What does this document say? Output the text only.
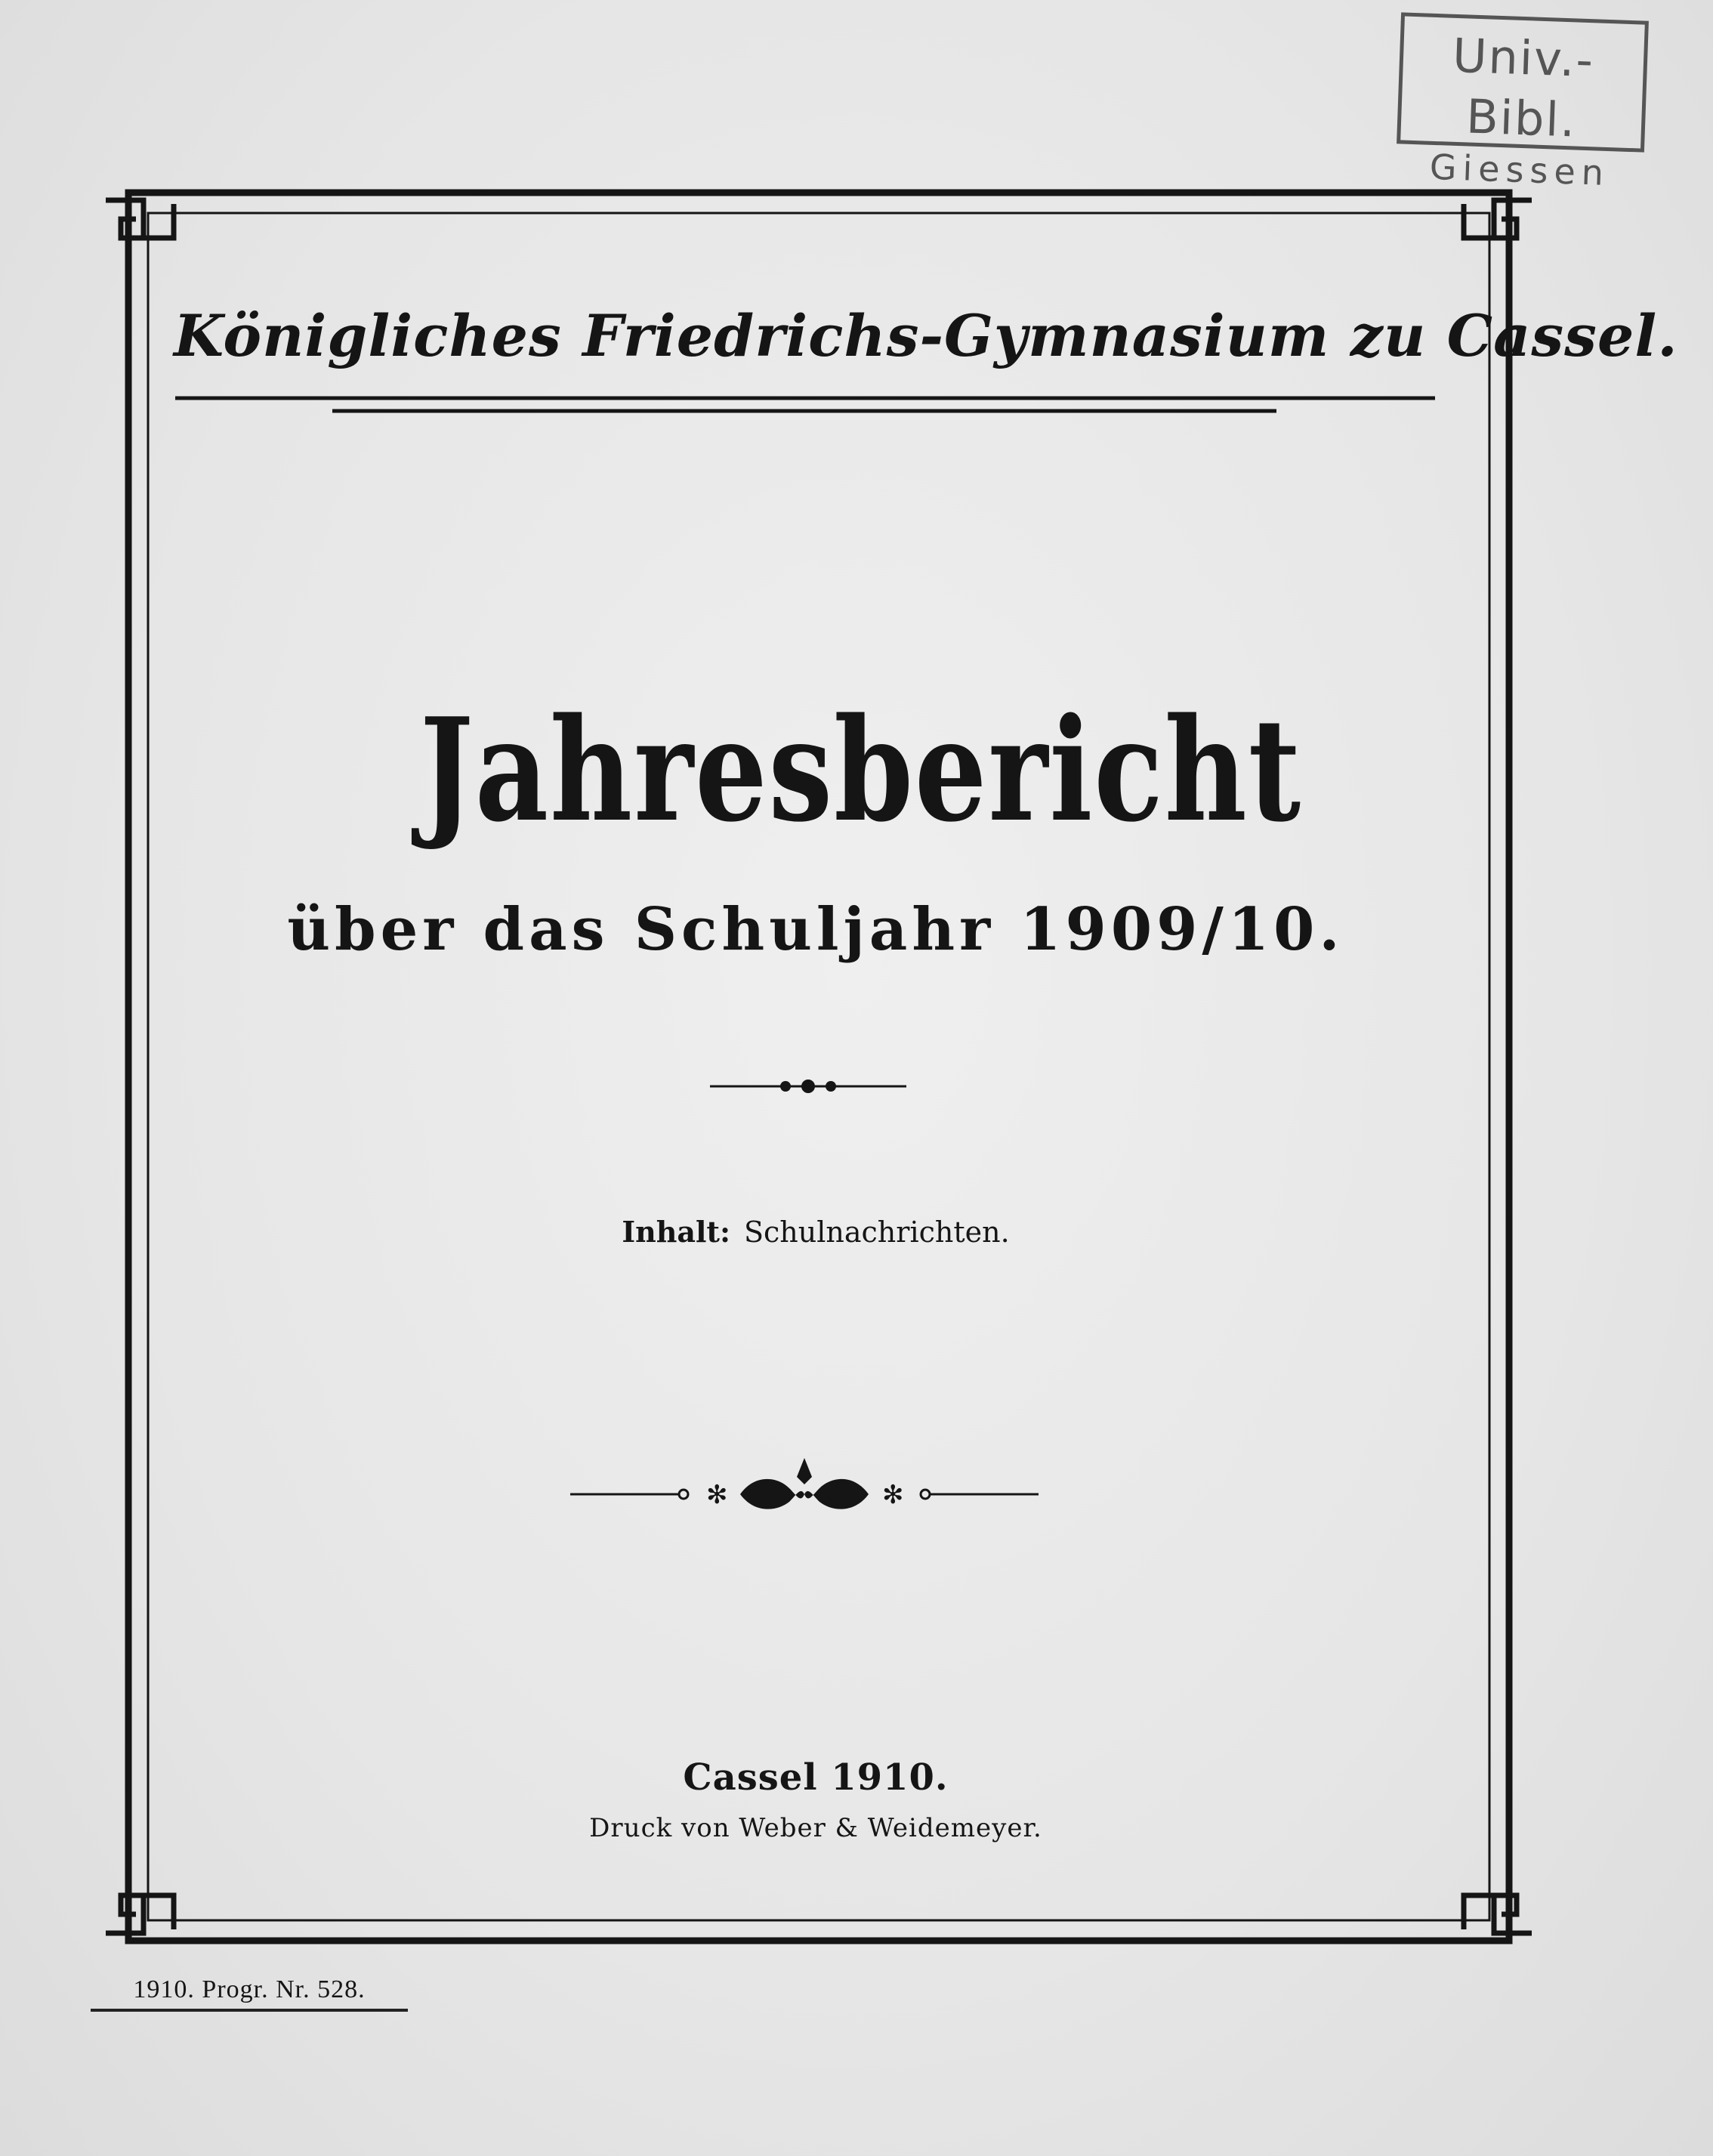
Univ.-Bibl.
Giessen
✻	✻
Königliches Friedrichs-Gymnasium zu Cassel.
Jahresbericht
über das Schuljahr 1909/10.
Inhalt: Schulnachrichten.
Cassel 1910.
Druck von Weber & Weidemeyer.
1910. Progr. Nr. 528.
